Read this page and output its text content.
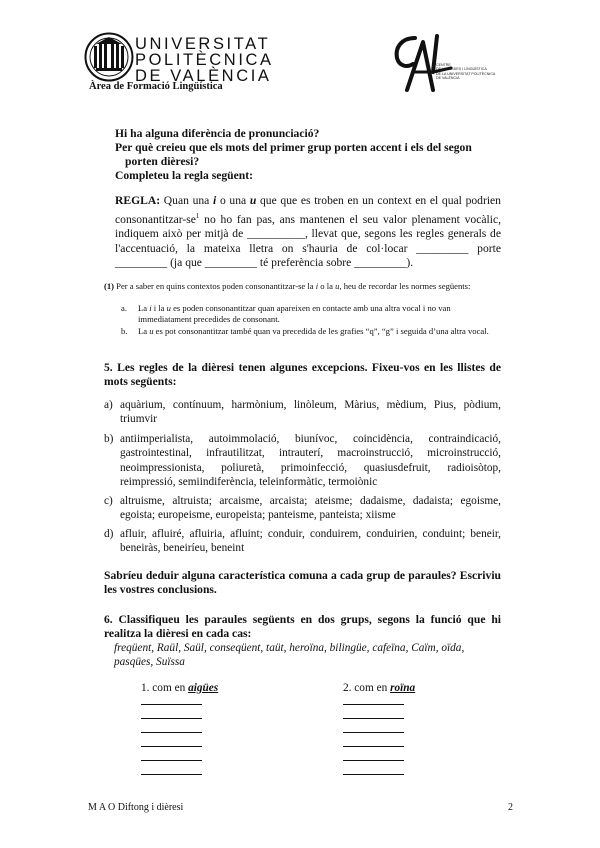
UNIVERSITAT
POLITÈCNICA
DE VALÈNCIA
Àrea de Formació Lingüística
CENTRE
DE LLENGÜES I LINGÜÍSTICA
DE LA UNIVERSITAT POLITÈCNICA
DE VALÈNCIA
Hi ha alguna diferència de pronunciació?
Per què creieu que els mots del primer grup porten accent i els del segon
porten dièresi?
Completeu la regla següent:
REGLA: Quan una i o una u que que es troben en un context en el qual podrien consonantitzar-$se^1$ no ho fan pas, ans mantenen el seu valor plenament vocàlic, indiquem això per mitjà de __________, llevat que, segons les regles generals de l'accentuació, la mateixa lletra on s'hauria de col·locar _________ porte _________ (ja que _________ té preferència sobre _________).
(1) Per a saber en quins contextos poden consonantitzar-se la i o la u, heu de recordar les normes següents:
a. La i i la u es poden consonantitzar quan apareixen en contacte amb una altra vocal i no van immediatament precedides de consonant.
b. La u es pot consonantitzar també quan va precedida de les grafies “q”, “g” i seguida d’una altra vocal.
5. Les regles de la dièresi tenen algunes excepcions. Fixeu-vos en les llistes de mots següents:
a) aquàrium, contínuum, harmònium, linòleum, Màrius, mèdium, Pius, pòdium, triumvir
b) antiimperialista, autoimmolació, biunívoc, coincidència, contraindicació, gastrointestinal, infrautilitzat, intrauterí, macroinstrucció, microinstrucció, neoimpressionista, poliuretà, primoinfecció, quasiusdefruit, radioisòtop, reimpressió, semiindiferència, teleinformàtic, termoiònic
c) altruisme, altruista; arcaisme, arcaista; ateisme; dadaisme, dadaista; egoisme, egoista; europeisme, europeista; panteisme, panteista; xiisme
d) afluir, afluiré, afluiria, afluint; conduir, conduirem, conduirien, conduint; beneir, beneiràs, beneiríeu, beneint
Sabríeu deduir alguna característica comuna a cada grup de paraules? Escriviu les vostres conclusions.
6. Classifiqueu les paraules següents en dos grups, segons la funció que hi realitza la dièresi en cada cas:
freqüent, Raül, Saül, conseqüent, taüt, heroïna, bilingüe, cafeïna, Caïm, oïda, pasqües, Suïssa
1. com en aigües	2. com en roïna
M A O Diftong i dièresi	2
